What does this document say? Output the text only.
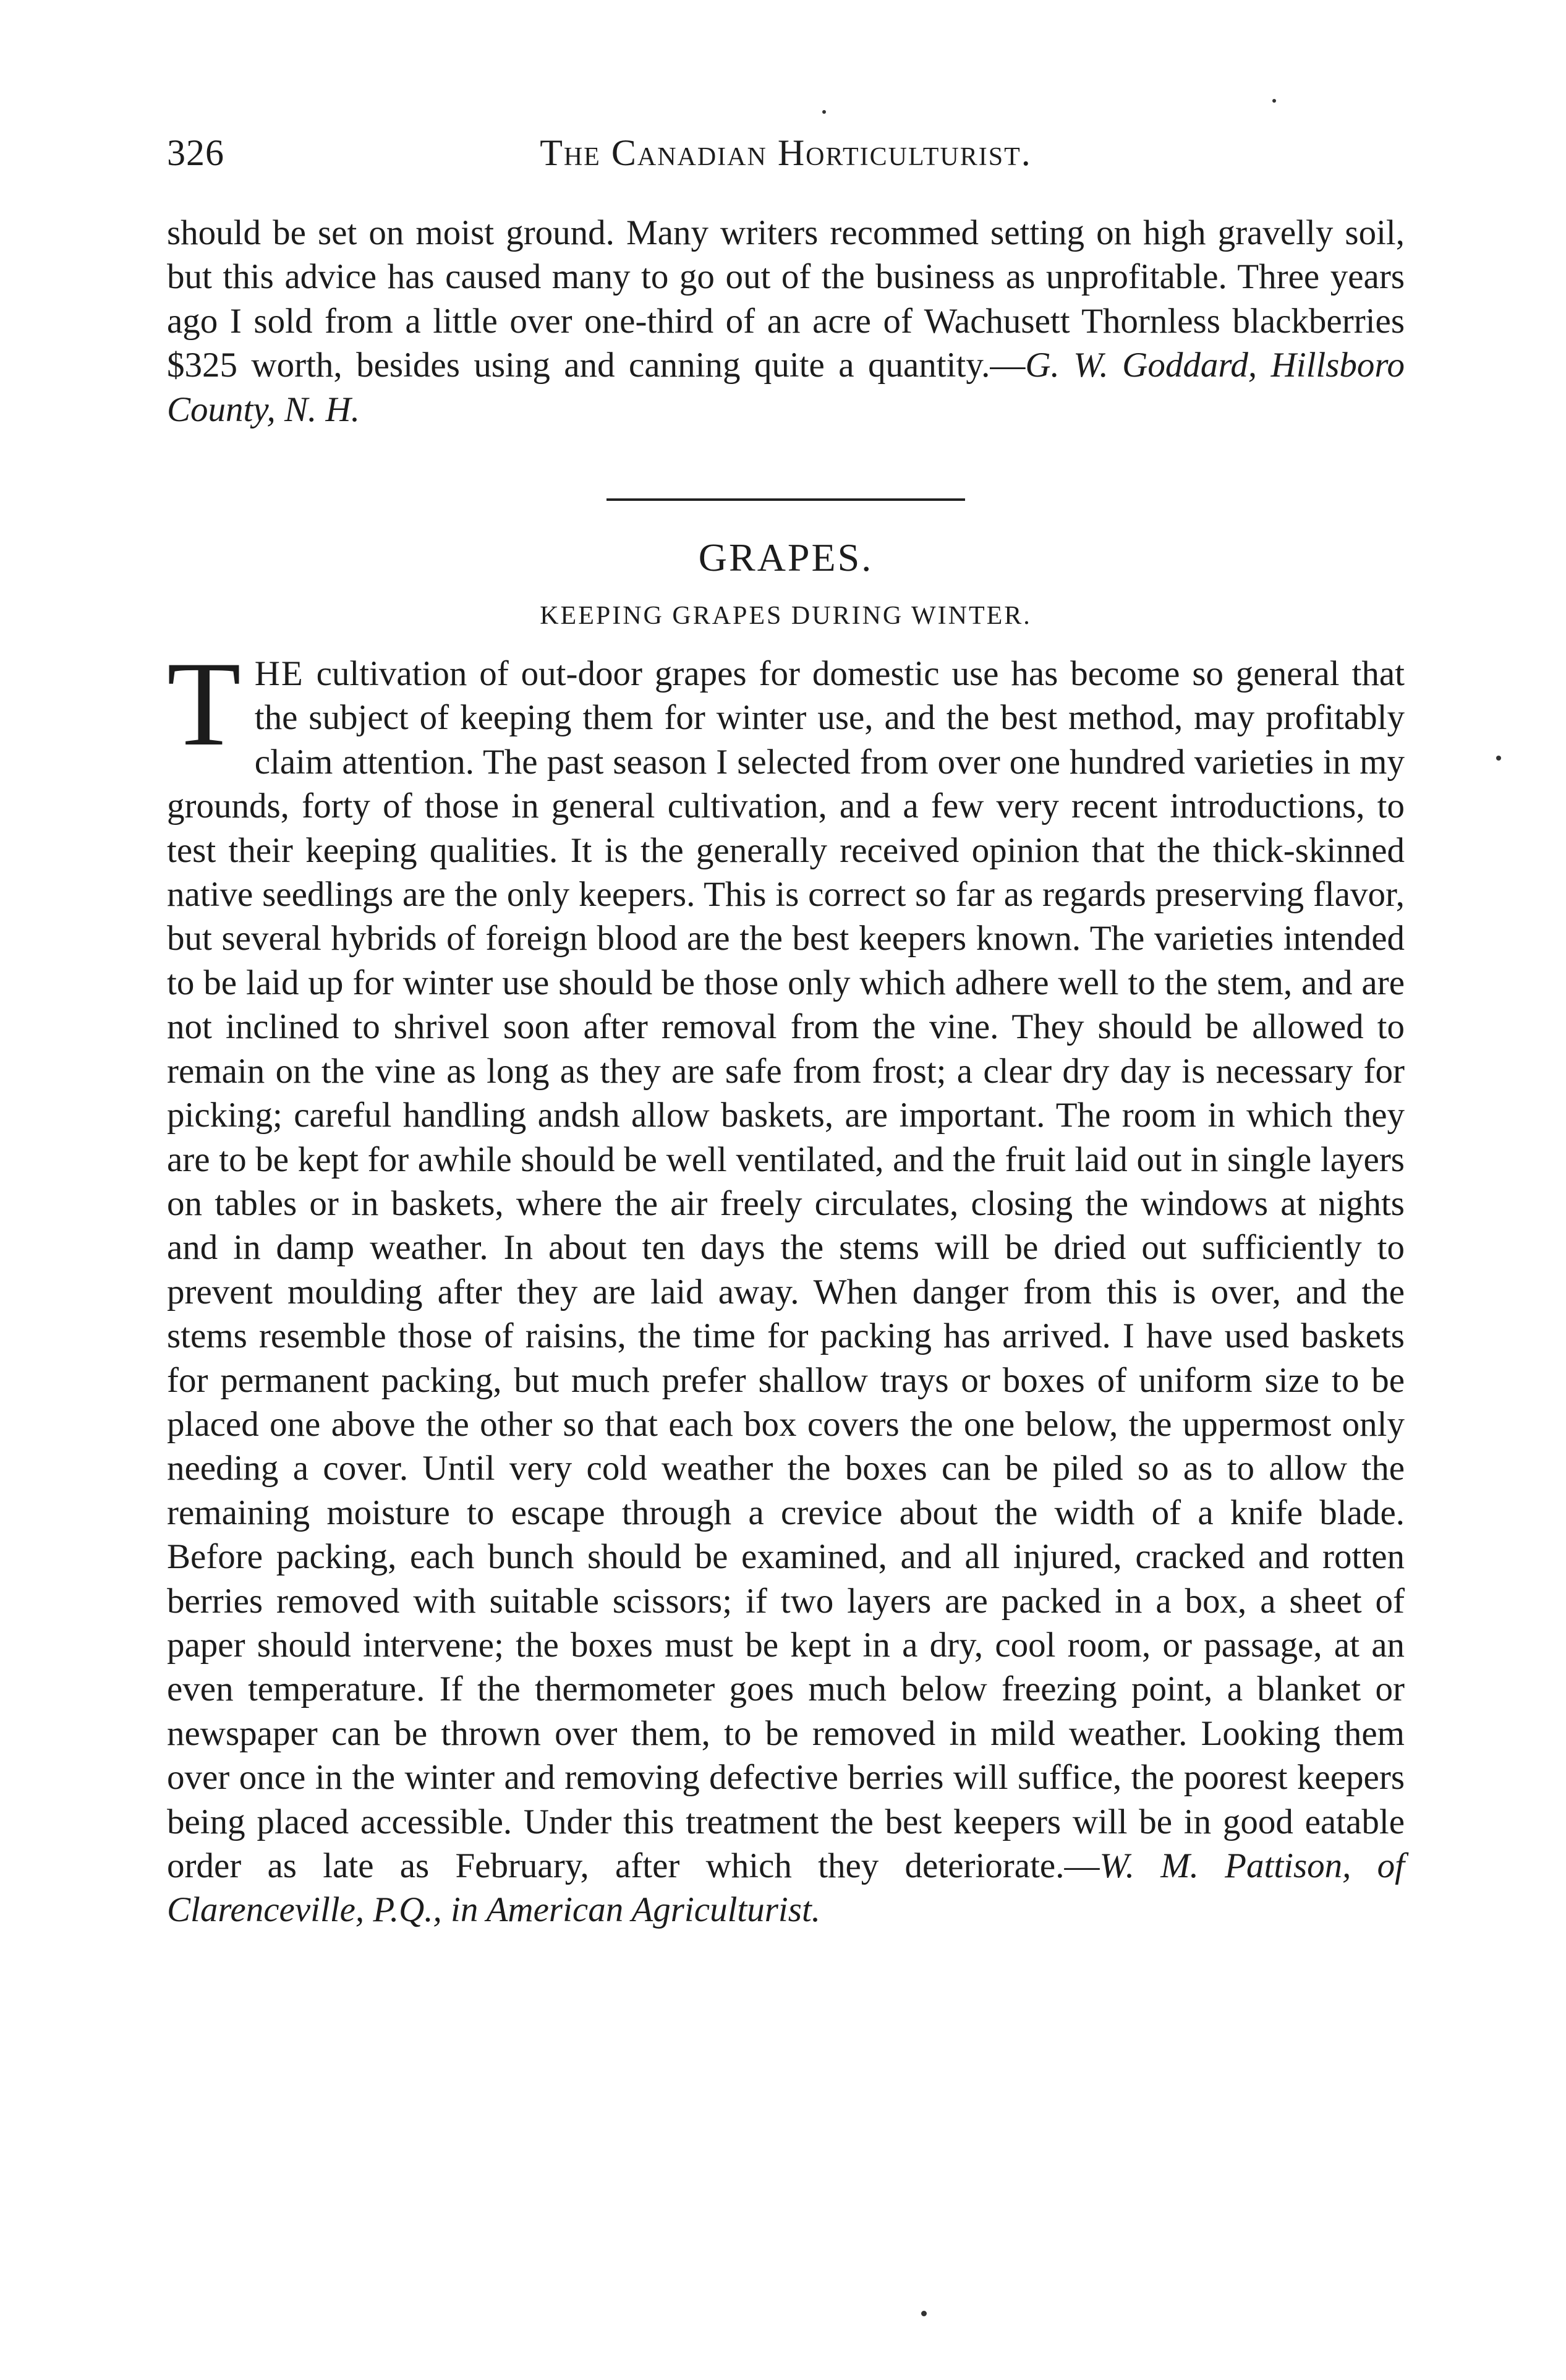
326	The Canadian Horticulturist.

should be set on moist ground. Many writers recommed setting on high gravelly soil, but this advice has caused many to go out of the business as unprofitable. Three years ago I sold from a little over one-third of an acre of Wachusett Thornless blackberries $325 worth, besides using and canning quite a quantity.—G. W. Goddard, Hillsboro County, N. H.

GRAPES.
KEEPING GRAPES DURING WINTER.

THE cultivation of out-door grapes for domestic use has become so general that the subject of keeping them for winter use, and the best method, may profitably claim attention. The past season I selected from over one hundred varieties in my grounds, forty of those in general cultivation, and a few very recent introductions, to test their keeping qualities. It is the generally received opinion that the thick-skinned native seedlings are the only keepers. This is correct so far as regards preserving flavor, but several hybrids of foreign blood are the best keepers known. The varieties intended to be laid up for winter use should be those only which adhere well to the stem, and are not inclined to shrivel soon after removal from the vine. They should be allowed to remain on the vine as long as they are safe from frost; a clear dry day is necessary for picking; careful handling andsh allow baskets, are important. The room in which they are to be kept for awhile should be well ventilated, and the fruit laid out in single layers on tables or in baskets, where the air freely circulates, closing the windows at nights and in damp weather. In about ten days the stems will be dried out sufficiently to prevent moulding after they are laid away. When danger from this is over, and the stems resemble those of raisins, the time for packing has arrived. I have used baskets for permanent packing, but much prefer shallow trays or boxes of uniform size to be placed one above the other so that each box covers the one below, the uppermost only needing a cover. Until very cold weather the boxes can be piled so as to allow the remaining moisture to escape through a crevice about the width of a knife blade. Before packing, each bunch should be examined, and all injured, cracked and rotten berries removed with suitable scissors; if two layers are packed in a box, a sheet of paper should intervene; the boxes must be kept in a dry, cool room, or passage, at an even temperature. If the thermometer goes much below freezing point, a blanket or newspaper can be thrown over them, to be removed in mild weather. Looking them over once in the winter and removing defective berries will suffice, the poorest keepers being placed accessible. Under this treatment the best keepers will be in good eatable order as late as February, after which they deteriorate.—W. M. Pattison, of Clarenceville, P.Q., in American Agriculturist.
